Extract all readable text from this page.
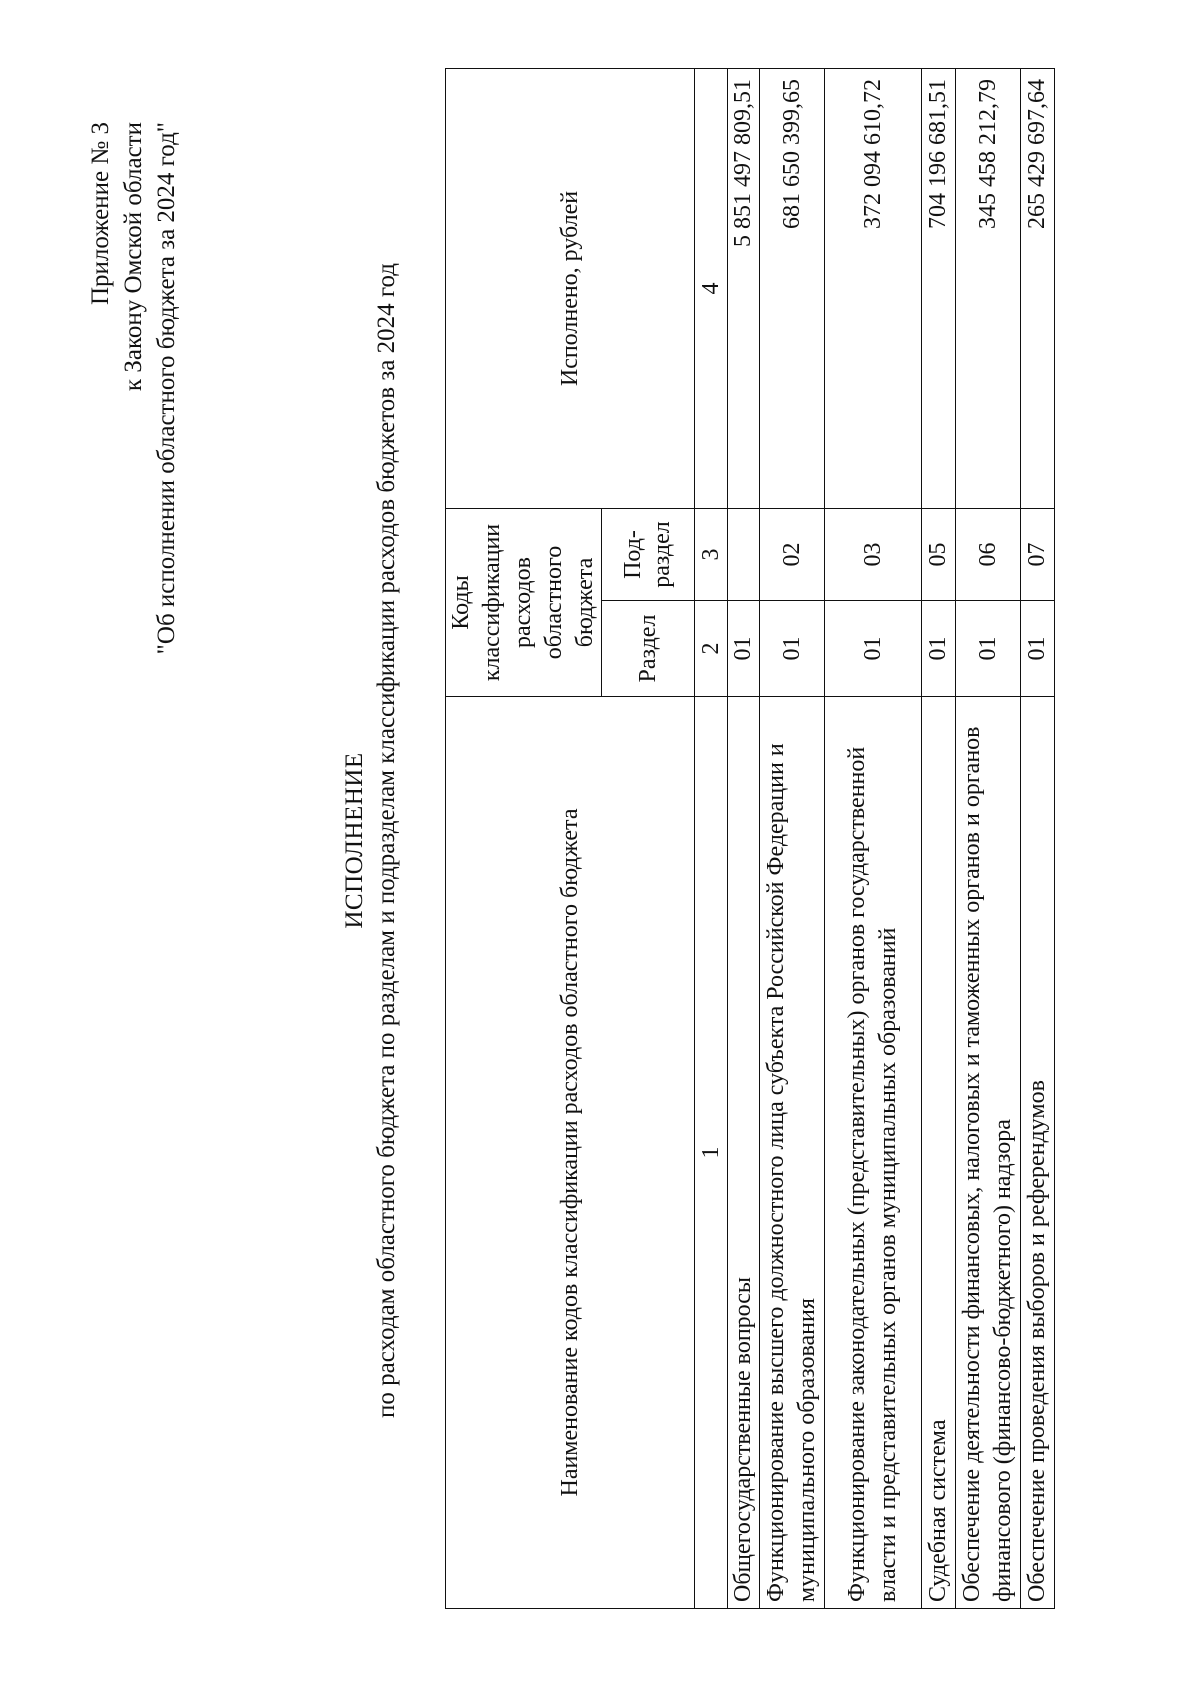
Приложение № 3 к Закону Омской области "Об исполнении областного бюджета за 2024 год"
ИСПОЛНЕНИЕ по расходам областного бюджета по разделам и подразделам классификации расходов бюджетов за 2024 год	Наименование кодов классификации расходов областного бюджета	Коды классификации расходов областного бюджета		Исполнено, рублей
	Раздел	Под-раздел	
1	2	3	4
Общегосударственные вопросы	01		5 851 497 809,51
Функционирование высшего должностного лица субъекта Российской Федерации и муниципального образования	01	02	681 650 399,65
Функционирование законодательных (представительных) органов государственной власти и представительных органов муниципальных образований	01	03	372 094 610,72
Судебная система	01	05	704 196 681,51
Обеспечение деятельности финансовых, налоговых и таможенных органов и органов финансового (финансово-бюджетного) надзора	01	06	345 458 212,79
Обеспечение проведения выборов и референдумов	01	07	265 429 697,64
